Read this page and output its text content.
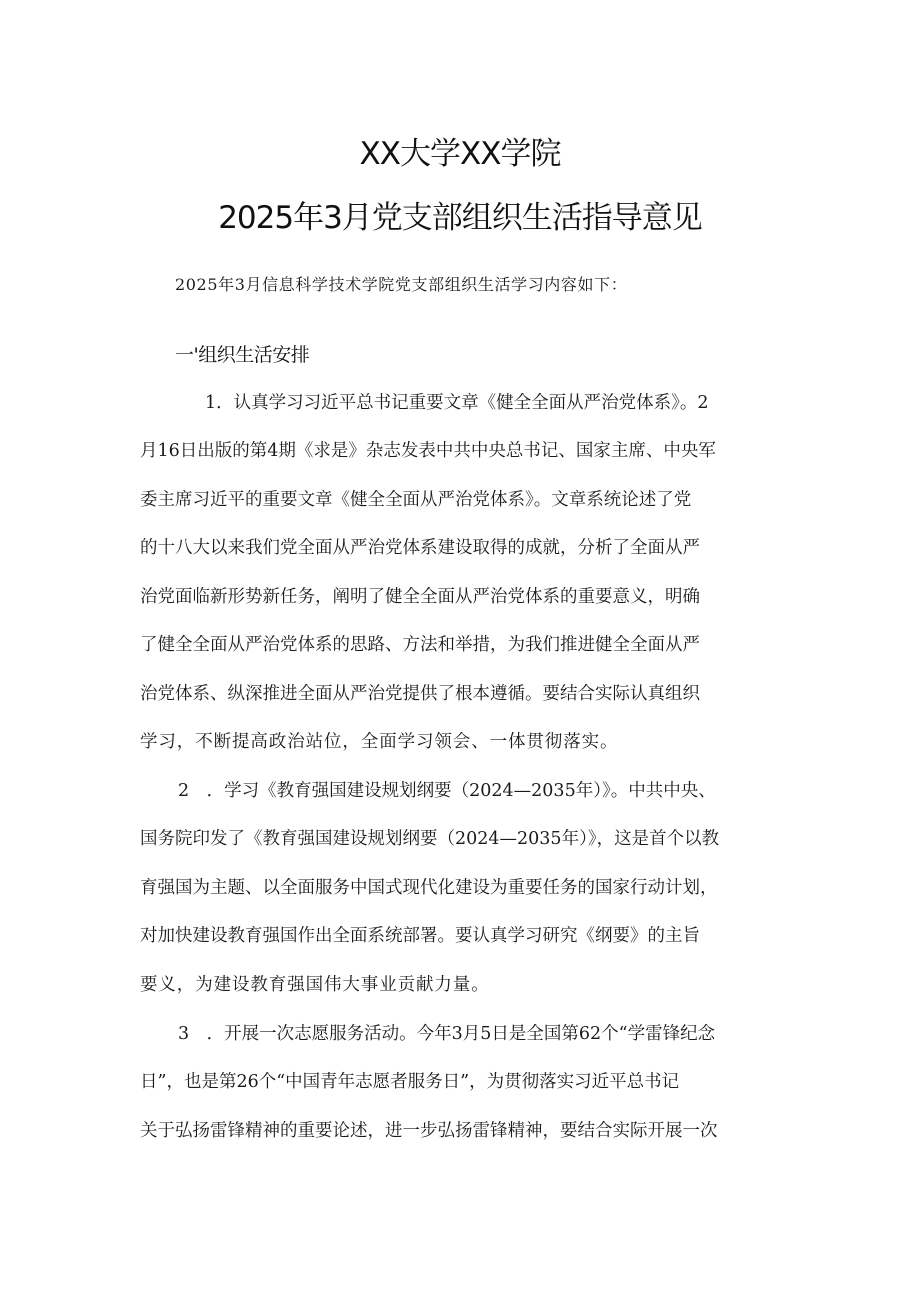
XX大学XX学院
2025年3月党支部组织生活指导意见
2025年3月信息科学技术学院党支部组织生活学习内容如下：
一'组织生活安排
1．认真学习习近平总书记重要文章《健全全面从严治党体系》。2
月16日出版的第4期《求是》杂志发表中共中央总书记、国家主席、中央军
委主席习近平的重要文章《健全全面从严治党体系》。文章系统论述了党
的十八大以来我们党全面从严治党体系建设取得的成就，分析了全面从严
治党面临新形势新任务，阐明了健全全面从严治党体系的重要意义，明确
了健全全面从严治党体系的思路、方法和举措，为我们推进健全全面从严
治党体系、纵深推进全面从严治党提供了根本遵循。要结合实际认真组织
学习，不断提高政治站位，全面学习领会、一体贯彻落实。
2　．学习《教育强国建设规划纲要（2024—2035年）》。中共中央、
国务院印发了《教育强国建设规划纲要（2024—2035年）》，这是首个以教
育强国为主题、以全面服务中国式现代化建设为重要任务的国家行动计划，
对加快建设教育强国作出全面系统部署。要认真学习研究《纲要》的主旨
要义，为建设教育强国伟大事业贡献力量。
3　．开展一次志愿服务活动。今年3月5日是全国第62个“学雷锋纪念
日”，也是第26个“中国青年志愿者服务日”，为贯彻落实习近平总书记
关于弘扬雷锋精神的重要论述，进一步弘扬雷锋精神，要结合实际开展一次
